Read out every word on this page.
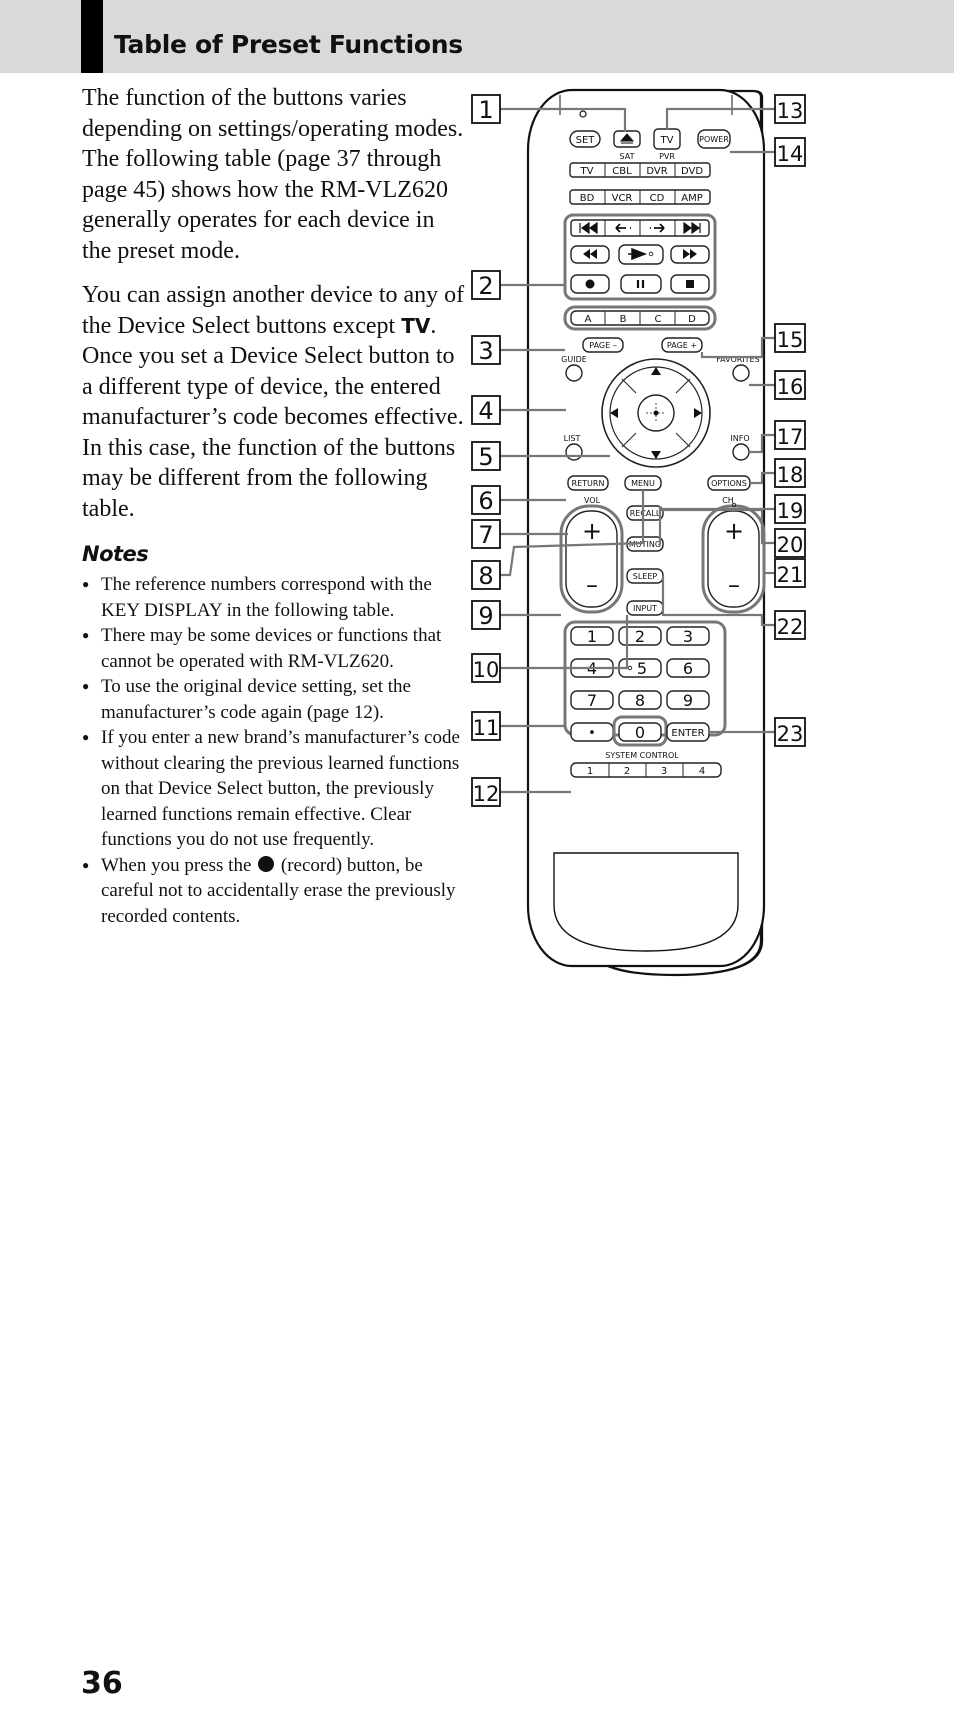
Table of Preset Functions

The function of the buttons varies depending on settings/operating modes. The following table (page 37 through page 45) shows how the RM-VLZ620 generally operates for each device in the preset mode.

You can assign another device to any of the Device Select buttons except TV. Once you set a Device Select button to a different type of device, the entered manufacturer’s code becomes effective. In this case, the function of the buttons may be different from the following table.

Notes
● The reference numbers correspond with the KEY DISPLAY in the following table.
● There may be some devices or functions that cannot be operated with RM-VLZ620.
● To use the original device setting, set the manufacturer’s code again (page 12).
● If you enter a new brand’s manufacturer’s code without clearing the previous learned functions on that Device Select button, the previously learned functions remain effective. Clear functions you do not use frequently.
● When you press the (record) button, be careful not to accidentally erase the previously recorded contents.
SET	TV	POWER
SAT	PVR
TV CBL DVR DVD
BD VCR CD AMP
A	B	C	D
PAGE –	PAGE +
GUIDE	FAVORITES
LIST	INFO
RETURN	MENU	OPTIONS
VOL	CH
+
–
+
–
RECALL
MUTING
SLEEP
INPUT
1 2 3
4 5 6
7 8 9
• 0	ENTER
SYSTEM CONTROL
1	2	3	4
1
2
3
4
5
6
7
8
9
10
11
12
13
14
15
16
17
18
19
20
21
22
23

36
